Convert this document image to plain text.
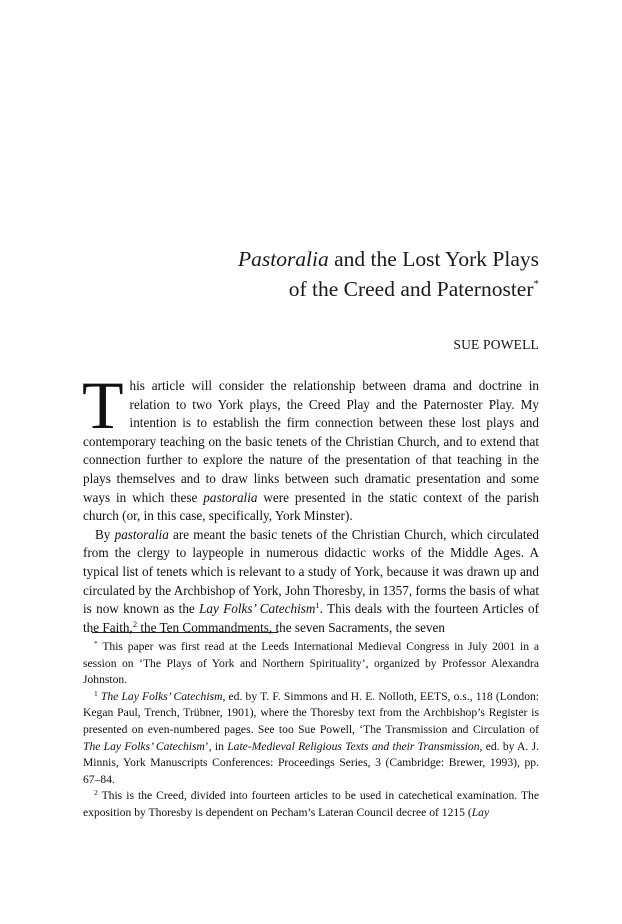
Pastoralia and the Lost York Plays
of the Creed and Paternoster*
SUE POWELL

This article will consider the relationship between drama and doctrine in relation to two York plays, the Creed Play and the Paternoster Play. My intention is to establish the firm connection between these lost plays and contemporary teaching on the basic tenets of the Christian Church, and to extend that connection further to explore the nature of the presentation of that teaching in the plays themselves and to draw links between such dramatic presentation and some ways in which these pastoralia were presented in the static context of the parish church (or, in this case, specifically, York Minster).

By pastoralia are meant the basic tenets of the Christian Church, which circulated from the clergy to laypeople in numerous didactic works of the Middle Ages. A typical list of tenets which is relevant to a study of York, because it was drawn up and circulated by the Archbishop of York, John Thoresby, in 1357, forms the basis of what is now known as the Lay Folks’ Catechism$^1$. This deals with the fourteen Articles of the Faith,$^2$ the Ten Commandments, the seven Sacraments, the seven

* This paper was first read at the Leeds International Medieval Congress in July 2001 in a session on ‘The Plays of York and Northern Spirituality’, organized by Professor Alexandra Johnston.

$^1$ The Lay Folks’ Catechism, ed. by T. F. Simmons and H. E. Nolloth, EETS, o.s., 118 (London: Kegan Paul, Trench, Trübner, 1901), where the Thoresby text from the Archbishop’s Register is presented on even-numbered pages. See too Sue Powell, ‘The Transmission and Circulation of The Lay Folks’ Catechism’, in Late-Medieval Religious Texts and their Transmission, ed. by A. J. Minnis, York Manuscripts Conferences: Proceedings Series, 3 (Cambridge: Brewer, 1993), pp. 67–84.

$^2$ This is the Creed, divided into fourteen articles to be used in catechetical examination. The exposition by Thoresby is dependent on Pecham’s Lateran Council decree of 1215 (Lay
